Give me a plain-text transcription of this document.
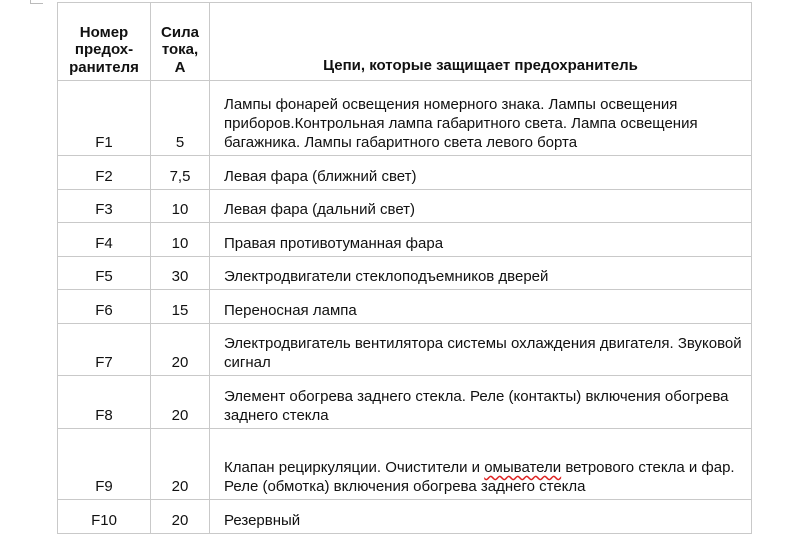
Номер
предох-
ранителя	Сила
тока,
А	Цепи, которые защищает предохранитель
F1	5	Лампы фонарей освещения номерного знака. Лампы освещения приборов.Контрольная лампа габаритного света. Лампа освещения багажника. Лампы габаритного света левого борта
F2	7,5	Левая фара (ближний свет)
F3	10	Левая фара (дальний свет)
F4	10	Правая противотуманная фара
F5	30	Электродвигатели стеклоподъемников дверей
F6	15	Переносная лампа
F7	20	Электродвигатель вентилятора системы охлаждения двигателя. Звуковой сигнал
F8	20	Элемент обогрева заднего стекла. Реле (контакты) включения обогрева заднего стекла
F9	20	Клапан рециркуляции. Очистители и омыватели ветрового стекла и фар. Реле (обмотка) включения обогрева заднего стекла
F10	20	Резервный
